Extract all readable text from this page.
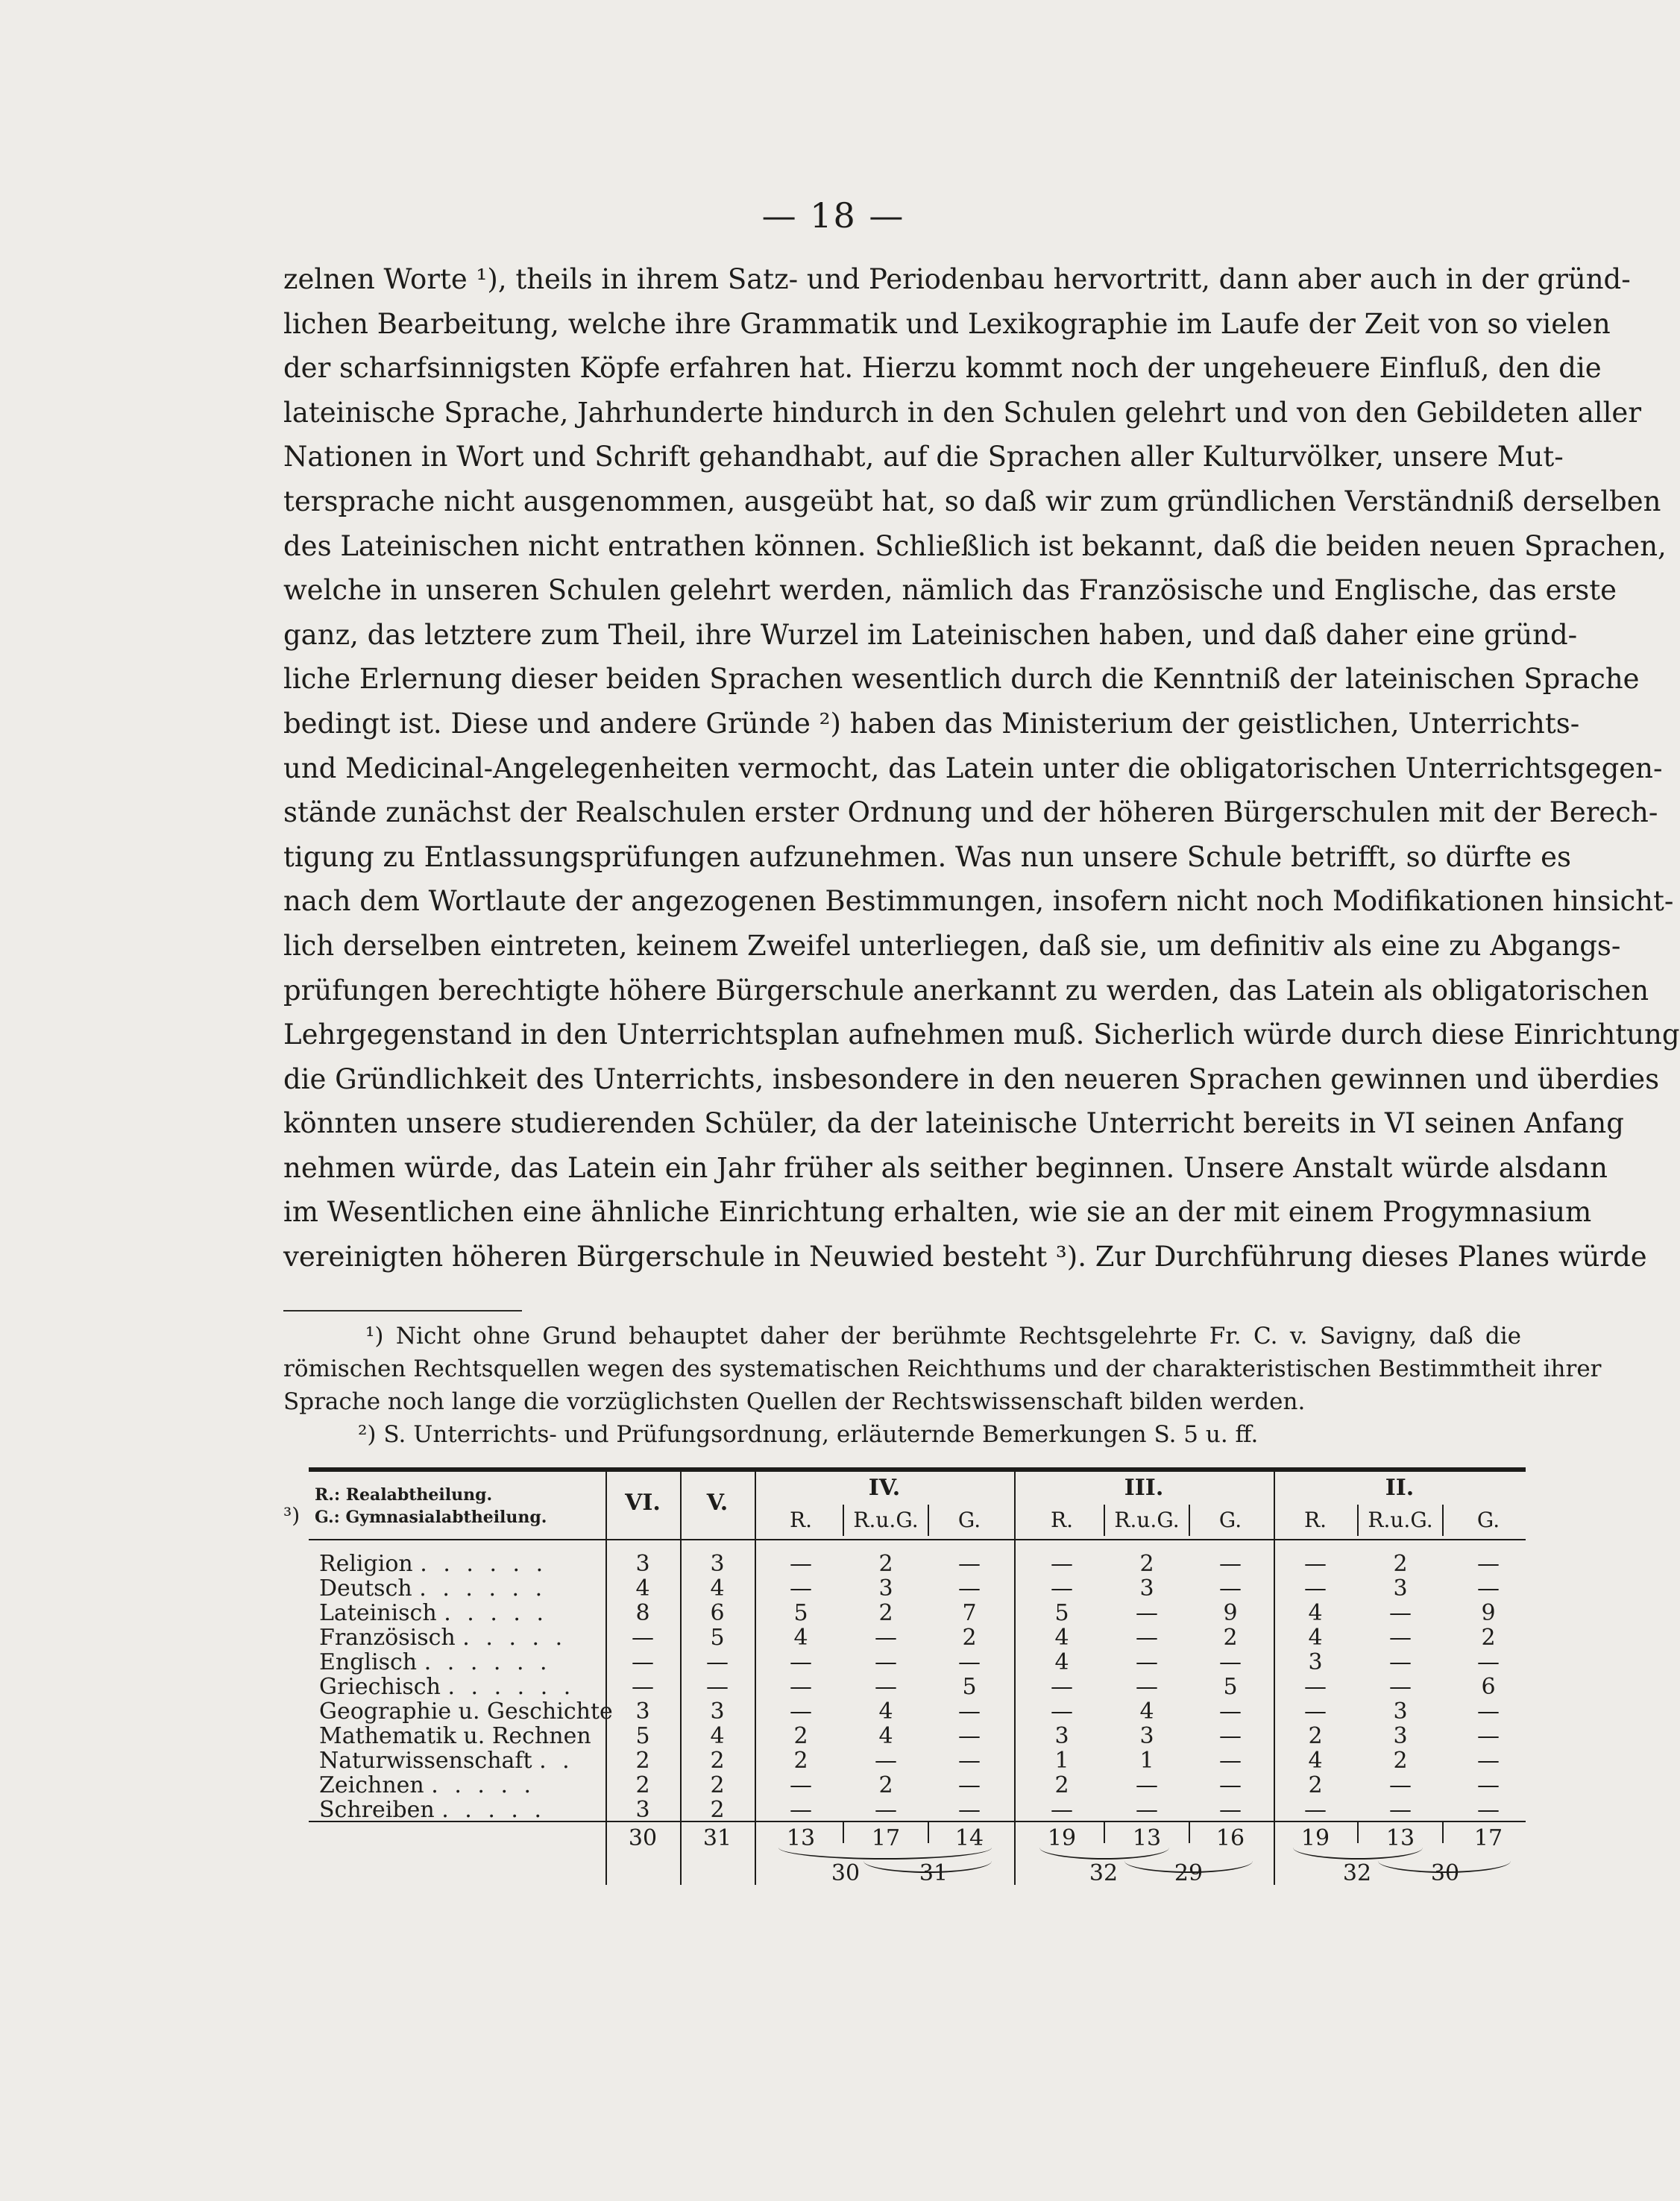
— 18 —
zelnen Worte ¹), theils in ihrem Satz- und Periodenbau hervortritt, dann aber auch in der gründ-
lichen Bearbeitung, welche ihre Grammatik und Lexikographie im Laufe der Zeit von so vielen
der scharfsinnigsten Köpfe erfahren hat. Hierzu kommt noch der ungeheuere Einfluß, den die
lateinische Sprache, Jahrhunderte hindurch in den Schulen gelehrt und von den Gebildeten aller
Nationen in Wort und Schrift gehandhabt, auf die Sprachen aller Kulturvölker, unsere Mut-
tersprache nicht ausgenommen, ausgeübt hat, so daß wir zum gründlichen Verständniß derselben
des Lateinischen nicht entrathen können. Schließlich ist bekannt, daß die beiden neuen Sprachen,
welche in unseren Schulen gelehrt werden, nämlich das Französische und Englische, das erste
ganz, das letztere zum Theil, ihre Wurzel im Lateinischen haben, und daß daher eine gründ-
liche Erlernung dieser beiden Sprachen wesentlich durch die Kenntniß der lateinischen Sprache
bedingt ist. Diese und andere Gründe ²) haben das Ministerium der geistlichen, Unterrichts-
und Medicinal-Angelegenheiten vermocht, das Latein unter die obligatorischen Unterrichtsgegen-
stände zunächst der Realschulen erster Ordnung und der höheren Bürgerschulen mit der Berech-
tigung zu Entlassungsprüfungen aufzunehmen. Was nun unsere Schule betrifft, so dürfte es
nach dem Wortlaute der angezogenen Bestimmungen, insofern nicht noch Modifikationen hinsicht-
lich derselben eintreten, keinem Zweifel unterliegen, daß sie, um definitiv als eine zu Abgangs-
prüfungen berechtigte höhere Bürgerschule anerkannt zu werden, das Latein als obligatorischen
Lehrgegenstand in den Unterrichtsplan aufnehmen muß. Sicherlich würde durch diese Einrichtung
die Gründlichkeit des Unterrichts, insbesondere in den neueren Sprachen gewinnen und überdies
könnten unsere studierenden Schüler, da der lateinische Unterricht bereits in VI seinen Anfang
nehmen würde, das Latein ein Jahr früher als seither beginnen. Unsere Anstalt würde alsdann
im Wesentlichen eine ähnliche Einrichtung erhalten, wie sie an der mit einem Progymnasium
vereinigten höheren Bürgerschule in Neuwied besteht ³). Zur Durchführung dieses Planes würde
¹) Nicht ohne Grund behauptet daher der berühmte Rechtsgelehrte Fr. C. v. Savigny, daß die
römischen Rechtsquellen wegen des systematischen Reichthums und der charakteristischen Bestimmtheit ihrer
Sprache noch lange die vorzüglichsten Quellen der Rechtswissenschaft bilden werden.
²) S. Unterrichts- und Prüfungsordnung, erläuternde Bemerkungen S. 5 u. ff.
³)
R.: Realabtheilung.
G.: Gymnasialabtheilung.
VI.	V.
IV.	III.	II.
R.	R.u.G.	G.	R.	R.u.G.	G.	R.	R.u.G.	G.
Religion . . . . . .	3	3	—	2	—	—	2	—	—	2	—
Deutsch . . . . . .	4	4	—	3	—	—	3	—	—	3	—
Lateinisch . . . . .	8	6	5	2	7	5	—	9	4	—	9
Französisch . . . . .	—	5	4	—	2	4	—	2	4	—	2
Englisch . . . . . .	—	—	—	—	—	4	—	—	3	—	—
Griechisch . . . . . .	—	—	—	—	5	—	—	5	—	—	6
Geographie u. Geschichte	3	3	—	4	—	—	4	—	—	3	—
Mathematik u. Rechnen	5	4	2	4	—	3	3	—	2	3	—
Naturwissenschaft . .	2	2	2	—	—	1	1	—	4	2	—
Zeichnen . . . . .	2	2	—	2	—	2	—	—	2	—	—
Schreiben . . . . .	3	2	—	—	—	—	—	—	—	—	—
30	31	13	17	14	19	13	16	19	13	17
30	31	32	29	32	30
